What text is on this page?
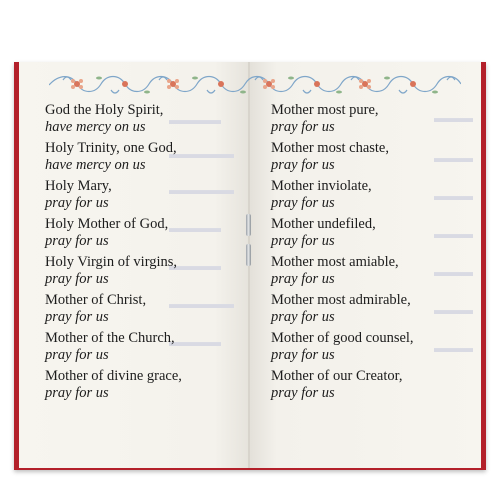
▬▬▬▬
▬▬▬▬▬
▬▬▬▬▬
▬▬▬▬
▬▬▬▬
▬▬▬▬▬
▬▬▬▬
▬▬▬
▬▬▬
▬▬▬
▬▬▬
▬▬▬
▬▬▬
▬▬▬
God the Holy Spirit,
have mercy on us
Holy Trinity, one God,
have mercy on us
Holy Mary,
pray for us
Holy Mother of God,
pray for us
Holy Virgin of virgins,
pray for us
Mother of Christ,
pray for us
Mother of the Church,
pray for us
Mother of divine grace,
pray for us
Mother most pure,
pray for us
Mother most chaste,
pray for us
Mother inviolate,
pray for us
Mother undefiled,
pray for us
Mother most amiable,
pray for us
Mother most admirable,
pray for us
Mother of good counsel,
pray for us
Mother of our Creator,
pray for us
